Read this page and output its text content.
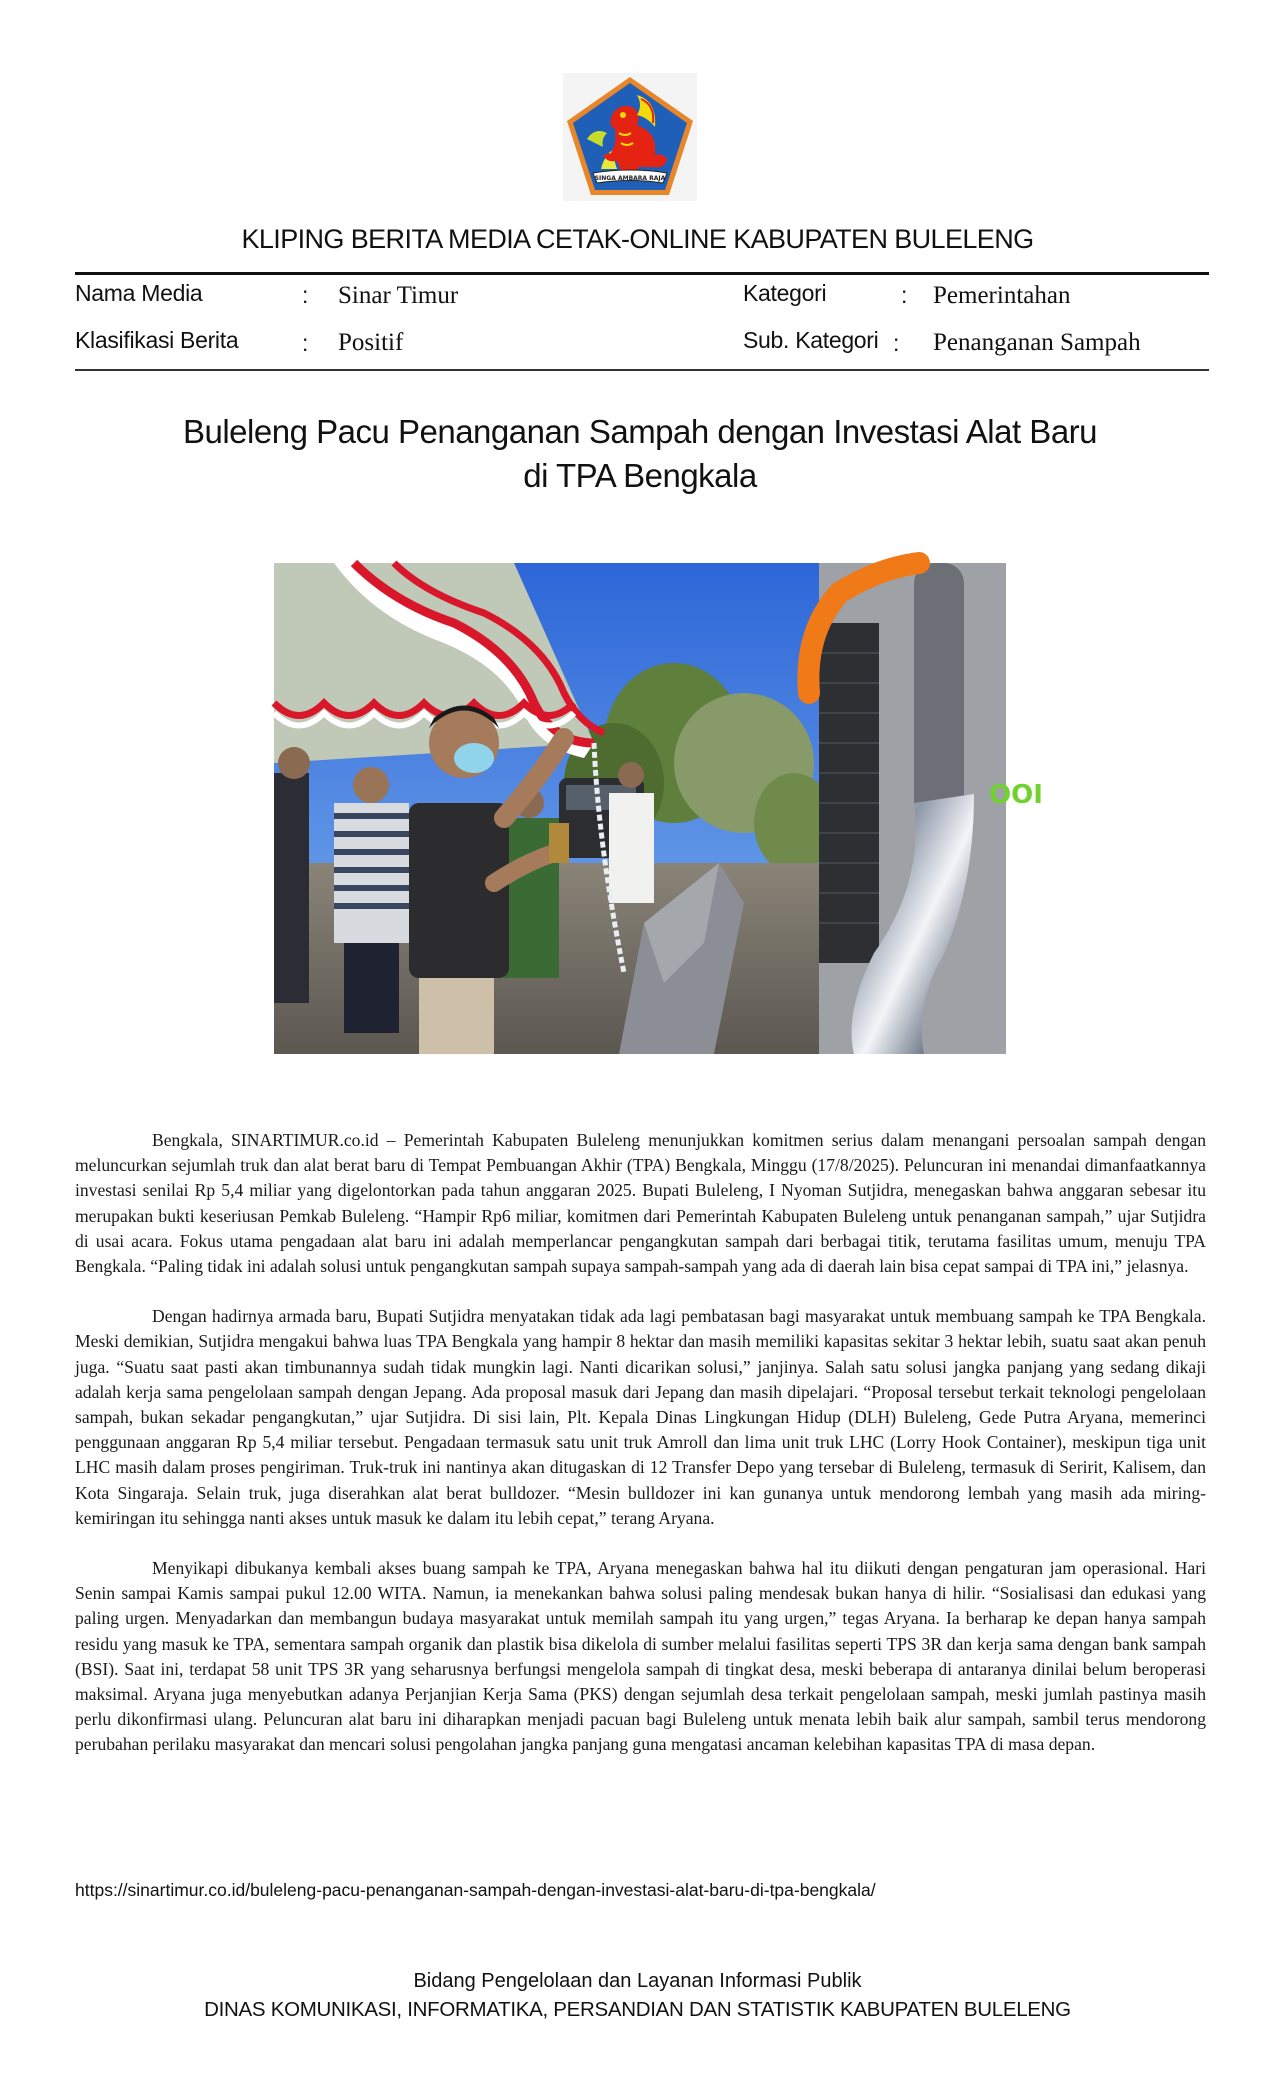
SINGA AMBARA RAJA
KLIPING BERITA MEDIA CETAK-ONLINE KABUPATEN BULELENG
Nama Media	: Sinar Timur
Klasifikasi Berita	: Positif
Kategori	: Pemerintahan
Sub. Kategori : Penanganan Sampah
Buleleng Pacu Penanganan Sampah dengan Investasi Alat Baru
di TPA Bengkala
OOI

Bengkala, SINARTIMUR.co.id – Pemerintah Kabupaten Buleleng menunjukkan komitmen serius dalam menangani persoalan sampah dengan meluncurkan sejumlah truk dan alat berat baru di Tempat Pembuangan Akhir (TPA) Bengkala, Minggu (17/8/2025). Peluncuran ini menandai dimanfaatkannya investasi senilai Rp 5,4 miliar yang digelontorkan pada tahun anggaran 2025. Bupati Buleleng, I Nyoman Sutjidra, menegaskan bahwa anggaran sebesar itu merupakan bukti keseriusan Pemkab Buleleng. “Hampir Rp6 miliar, komitmen dari Pemerintah Kabupaten Buleleng untuk penanganan sampah,” ujar Sutjidra di usai acara. Fokus utama pengadaan alat baru ini adalah memperlancar pengangkutan sampah dari berbagai titik, terutama fasilitas umum, menuju TPA Bengkala. “Paling tidak ini adalah solusi untuk pengangkutan sampah supaya sampah-sampah yang ada di daerah lain bisa cepat sampai di TPA ini,” jelasnya.

Dengan hadirnya armada baru, Bupati Sutjidra menyatakan tidak ada lagi pembatasan bagi masyarakat untuk membuang sampah ke TPA Bengkala. Meski demikian, Sutjidra mengakui bahwa luas TPA Bengkala yang hampir 8 hektar dan masih memiliki kapasitas sekitar 3 hektar lebih, suatu saat akan penuh juga. “Suatu saat pasti akan timbunannya sudah tidak mungkin lagi. Nanti dicarikan solusi,” janjinya. Salah satu solusi jangka panjang yang sedang dikaji adalah kerja sama pengelolaan sampah dengan Jepang. Ada proposal masuk dari Jepang dan masih dipelajari. “Proposal tersebut terkait teknologi pengelolaan sampah, bukan sekadar pengangkutan,” ujar Sutjidra. Di sisi lain, Plt. Kepala Dinas Lingkungan Hidup (DLH) Buleleng, Gede Putra Aryana, memerinci penggunaan anggaran Rp 5,4 miliar tersebut. Pengadaan termasuk satu unit truk Amroll dan lima unit truk LHC (Lorry Hook Container), meskipun tiga unit LHC masih dalam proses pengiriman. Truk-truk ini nantinya akan ditugaskan di 12 Transfer Depo yang tersebar di Buleleng, termasuk di Seririt, Kalisem, dan Kota Singaraja. Selain truk, juga diserahkan alat berat bulldozer. “Mesin bulldozer ini kan gunanya untuk mendorong lembah yang masih ada miring-kemiringan itu sehingga nanti akses untuk masuk ke dalam itu lebih cepat,” terang Aryana.

Menyikapi dibukanya kembali akses buang sampah ke TPA, Aryana menegaskan bahwa hal itu diikuti dengan pengaturan jam operasional. Hari Senin sampai Kamis sampai pukul 12.00 WITA. Namun, ia menekankan bahwa solusi paling mendesak bukan hanya di hilir. “Sosialisasi dan edukasi yang paling urgen. Menyadarkan dan membangun budaya masyarakat untuk memilah sampah itu yang urgen,” tegas Aryana. Ia berharap ke depan hanya sampah residu yang masuk ke TPA, sementara sampah organik dan plastik bisa dikelola di sumber melalui fasilitas seperti TPS 3R dan kerja sama dengan bank sampah (BSI). Saat ini, terdapat 58 unit TPS 3R yang seharusnya berfungsi mengelola sampah di tingkat desa, meski beberapa di antaranya dinilai belum beroperasi maksimal. Aryana juga menyebutkan adanya Perjanjian Kerja Sama (PKS) dengan sejumlah desa terkait pengelolaan sampah, meski jumlah pastinya masih perlu dikonfirmasi ulang. Peluncuran alat baru ini diharapkan menjadi pacuan bagi Buleleng untuk menata lebih baik alur sampah, sambil terus mendorong perubahan perilaku masyarakat dan mencari solusi pengolahan jangka panjang guna mengatasi ancaman kelebihan kapasitas TPA di masa depan.

https://sinartimur.co.id/buleleng-pacu-penanganan-sampah-dengan-investasi-alat-baru-di-tpa-bengkala/
Bidang Pengelolaan dan Layanan Informasi Publik
DINAS KOMUNIKASI, INFORMATIKA, PERSANDIAN DAN STATISTIK KABUPATEN BULELENG
